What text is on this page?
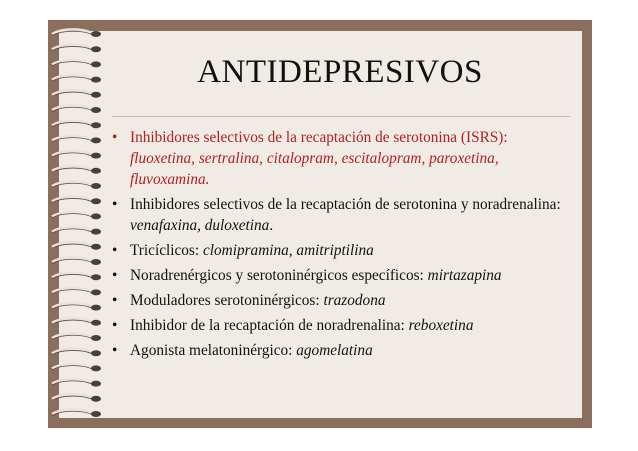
ANTIDEPRESIVOS
• Inhibidores selectivos de la recaptación de serotonina (ISRS): fluoxetina, sertralina, citalopram, escitalopram, paroxetina, fluvoxamina.
• Inhibidores selectivos de la recaptación de serotonina y noradrenalina: venafaxina, duloxetina.
• Tricíclicos: clomipramina, amitriptilina
• Noradrenérgicos y serotoninérgicos específicos: mirtazapina
• Moduladores serotoninérgicos: trazodona
• Inhibidor de la recaptación de noradrenalina: reboxetina
• Agonista melatoninérgico: agomelatina
